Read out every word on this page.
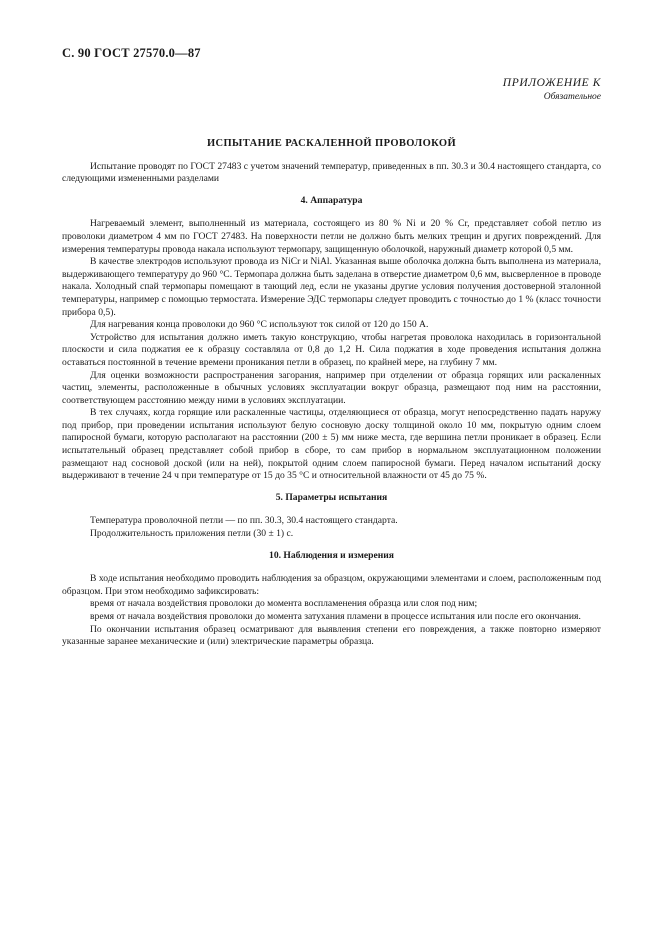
С. 90 ГОСТ 27570.0—87
ПРИЛОЖЕНИЕ К
Обязательное
ИСПЫТАНИЕ РАСКАЛЕННОЙ ПРОВОЛОКОЙ

Испытание проводят по ГОСТ 27483 с учетом значений температур, приведенных в пп. 30.3 и 30.4 настоящего стандарта, со следующими измененными разделами

4. Аппаратура

Нагреваемый элемент, выполненный из материала, состоящего из 80 % Ni и 20 % Cr, представляет собой петлю из проволоки диаметром 4 мм по ГОСТ 27483. На поверхности петли не должно быть мелких трещин и других повреждений. Для измерения температуры провода накала используют термопару, защищенную оболочкой, наружный диаметр которой 0,5 мм.

В качестве электродов используют провода из NiCr и NiAl. Указанная выше оболочка должна быть выполнена из материала, выдерживающего температуру до 960 °С. Термопара должна быть заделана в отверстие диаметром 0,6 мм, высверленное в проводе накала. Холодный спай термопары помещают в тающий лед, если не указаны другие условия получения достоверной эталонной температуры, например с помощью термостата. Измерение ЭДС термопары следует проводить с точностью до 1 % (класс точности прибора 0,5).

Для нагревания конца проволоки до 960 °С используют ток силой от 120 до 150 А.

Устройство для испытания должно иметь такую конструкцию, чтобы нагретая проволока находилась в горизонтальной плоскости и сила поджатия ее к образцу составляла от 0,8 до 1,2 Н. Сила поджатия в ходе проведения испытания должна оставаться постоянной в течение времени проникания петли в образец, по крайней мере, на глубину 7 мм.

Для оценки возможности распространения загорания, например при отделении от образца горящих или раскаленных частиц, элементы, расположенные в обычных условиях эксплуатации вокруг образца, размещают под ним на расстоянии, соответствующем расстоянию между ними в условиях эксплуатации.

В тех случаях, когда горящие или раскаленные частицы, отделяющиеся от образца, могут непосредственно падать наружу под прибор, при проведении испытания используют белую сосновую доску толщиной около 10 мм, покрытую одним слоем папиросной бумаги, которую располагают на расстоянии (200 ± 5) мм ниже места, где вершина петли проникает в образец. Если испытательный образец представляет собой прибор в сборе, то сам прибор в нормальном эксплуатационном положении размещают над сосновой доской (или на ней), покрытой одним слоем папиросной бумаги. Перед началом испытаний доску выдерживают в течение 24 ч при температуре от 15 до 35 °С и относительной влажности от 45 до 75 %.

5. Параметры испытания

Температура проволочной петли — по пп. 30.3, 30.4 настоящего стандарта.

Продолжительность приложения петли (30 ± 1) с.

10. Наблюдения и измерения

В ходе испытания необходимо проводить наблюдения за образцом, окружающими элементами и слоем, расположенным под образцом. При этом необходимо зафиксировать:

время от начала воздействия проволоки до момента воспламенения образца или слоя под ним;

время от начала воздействия проволоки до момента затухания пламени в процессе испытания или после его окончания.

По окончании испытания образец осматривают для выявления степени его повреждения, а также повторно измеряют указанные заранее механические и (или) электрические параметры образца.
